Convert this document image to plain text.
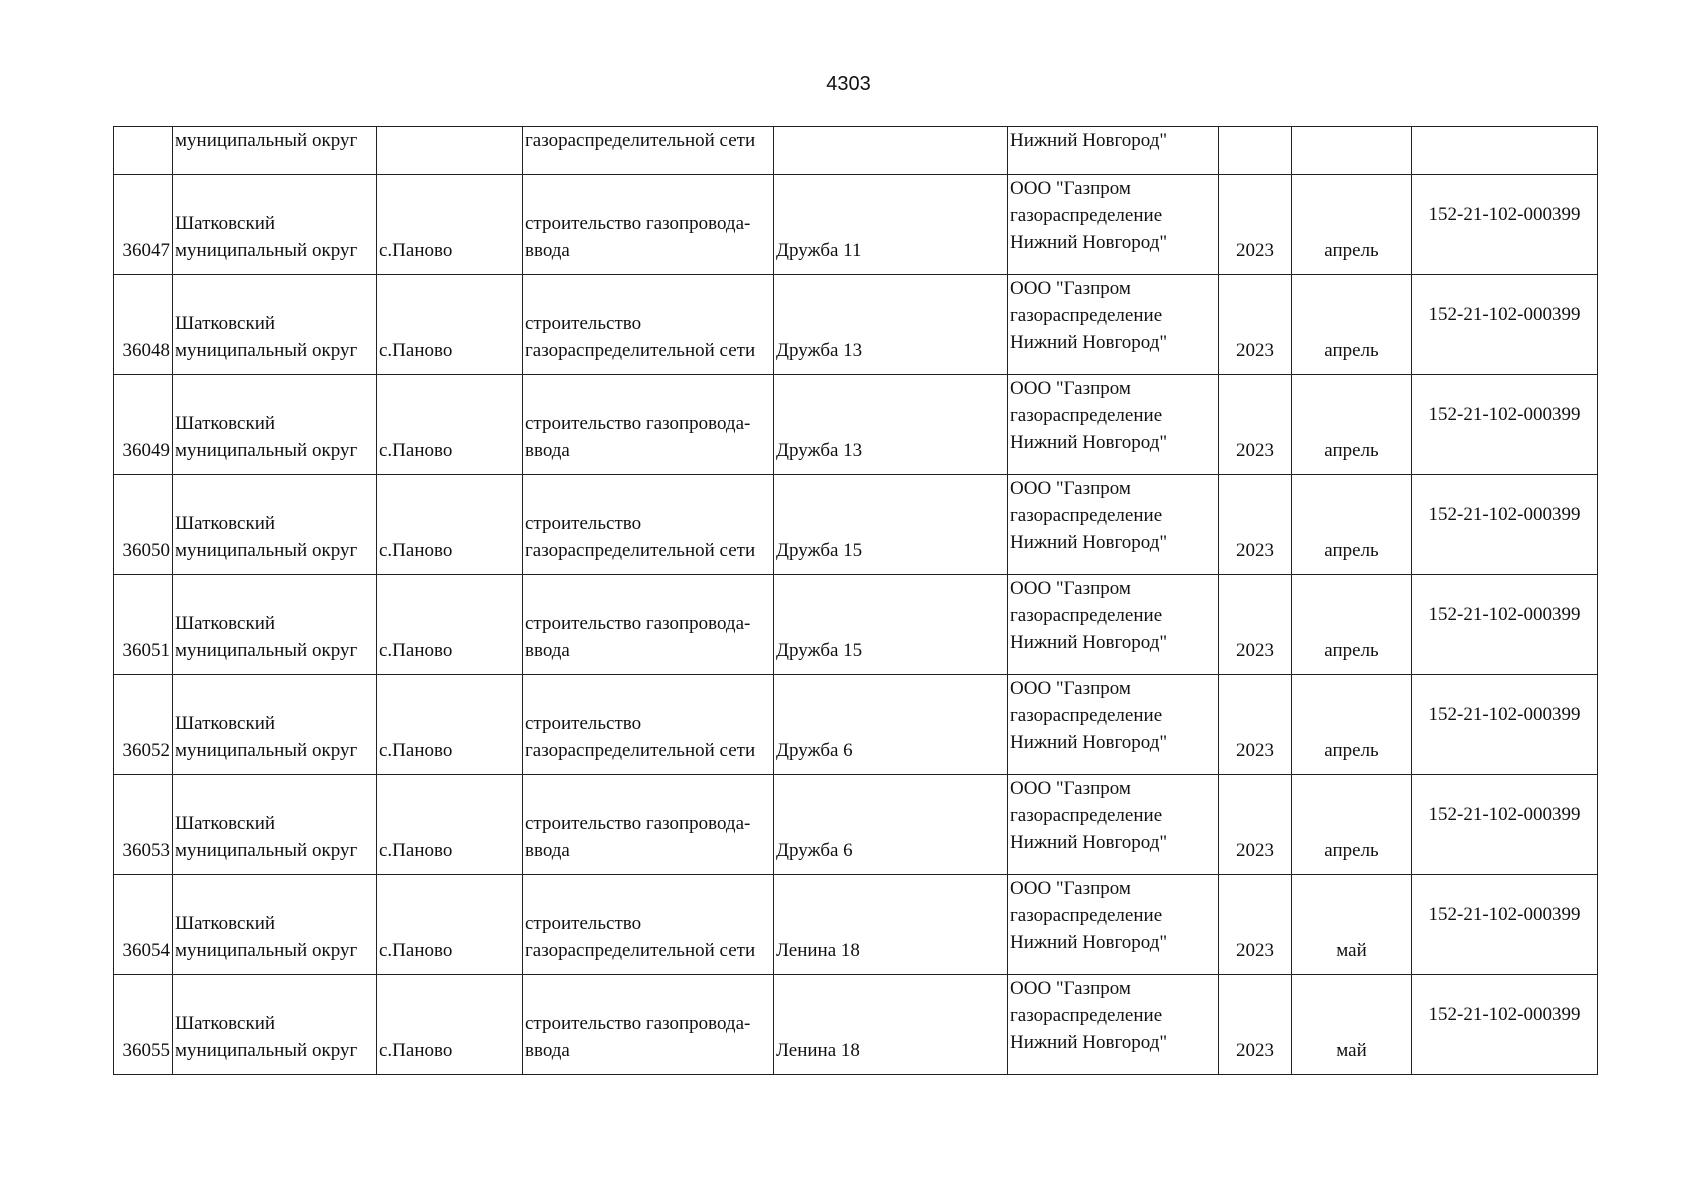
4303
	муниципальный округ		газораспределительной сети		Нижний Новгород"			
36047	Шатковский
муниципальный округ	с.Паново	строительство газопровода-
ввода	Дружба 11	ООО "Газпром
газораспределение
Нижний Новгород"	2023	апрель	152-21-102-000399
36048	Шатковский
муниципальный округ	с.Паново	строительство
газораспределительной сети	Дружба 13	ООО "Газпром
газораспределение
Нижний Новгород"	2023	апрель	152-21-102-000399
36049	Шатковский
муниципальный округ	с.Паново	строительство газопровода-
ввода	Дружба 13	ООО "Газпром
газораспределение
Нижний Новгород"	2023	апрель	152-21-102-000399
36050	Шатковский
муниципальный округ	с.Паново	строительство
газораспределительной сети	Дружба 15	ООО "Газпром
газораспределение
Нижний Новгород"	2023	апрель	152-21-102-000399
36051	Шатковский
муниципальный округ	с.Паново	строительство газопровода-
ввода	Дружба 15	ООО "Газпром
газораспределение
Нижний Новгород"	2023	апрель	152-21-102-000399
36052	Шатковский
муниципальный округ	с.Паново	строительство
газораспределительной сети	Дружба 6	ООО "Газпром
газораспределение
Нижний Новгород"	2023	апрель	152-21-102-000399
36053	Шатковский
муниципальный округ	с.Паново	строительство газопровода-
ввода	Дружба 6	ООО "Газпром
газораспределение
Нижний Новгород"	2023	апрель	152-21-102-000399
36054	Шатковский
муниципальный округ	с.Паново	строительство
газораспределительной сети	Ленина 18	ООО "Газпром
газораспределение
Нижний Новгород"	2023	май	152-21-102-000399
36055	Шатковский
муниципальный округ	с.Паново	строительство газопровода-
ввода	Ленина 18	ООО "Газпром
газораспределение
Нижний Новгород"	2023	май	152-21-102-000399
